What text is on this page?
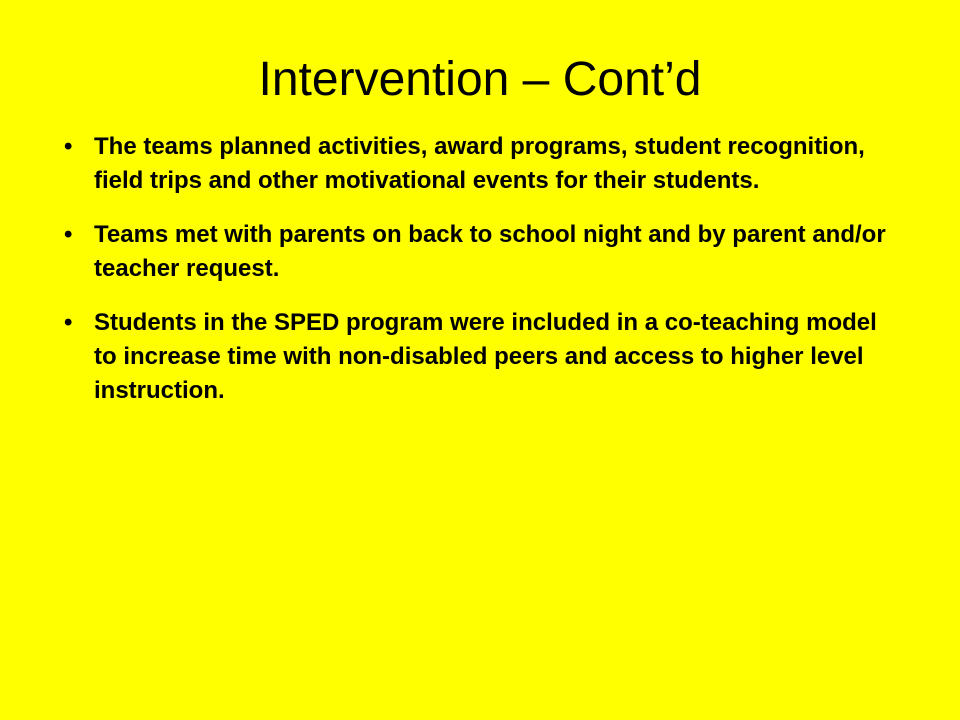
Intervention – Cont’d
• The teams planned activities, award programs, student recognition, field trips and other motivational events for their students.
• Teams met with parents on back to school night and by parent and/or teacher request.
• Students in the SPED program were included in a co-teaching model to increase time with non-disabled peers and access to higher level instruction.
